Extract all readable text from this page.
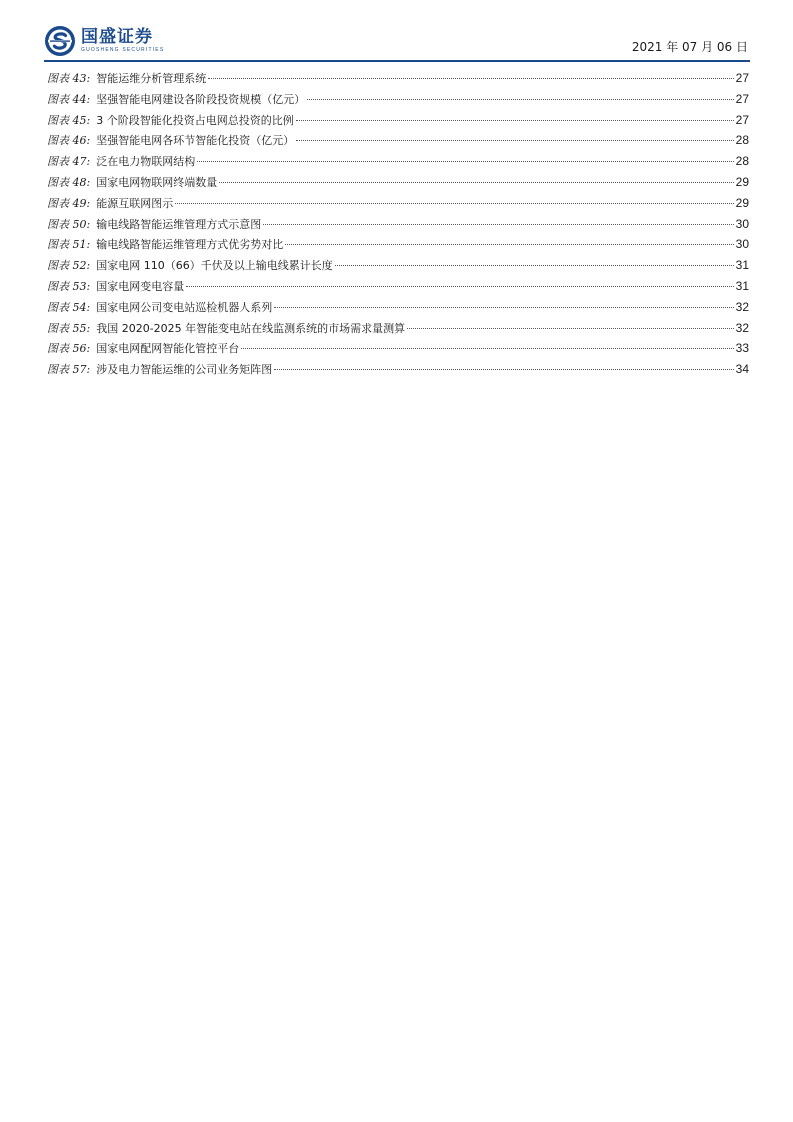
国盛证券
GUOSHENG SECURITIES	2021 年 07 月 06 日
图表 43: 智能运维分析管理系统	27
图表 44: 坚强智能电网建设各阶段投资规模（亿元）	27
图表 45: 3 个阶段智能化投资占电网总投资的比例	27
图表 46: 坚强智能电网各环节智能化投资（亿元）	28
图表 47: 泛在电力物联网结构	28
图表 48: 国家电网物联网终端数量	29
图表 49: 能源互联网图示	29
图表 50: 输电线路智能运维管理方式示意图	30
图表 51: 输电线路智能运维管理方式优劣势对比	30
图表 52: 国家电网 110（66）千伏及以上输电线累计长度	31
图表 53: 国家电网变电容量	31
图表 54: 国家电网公司变电站巡检机器人系列	32
图表 55: 我国 2020-2025 年智能变电站在线监测系统的市场需求量测算	32
图表 56: 国家电网配网智能化管控平台	33
图表 57: 涉及电力智能运维的公司业务矩阵图	34
